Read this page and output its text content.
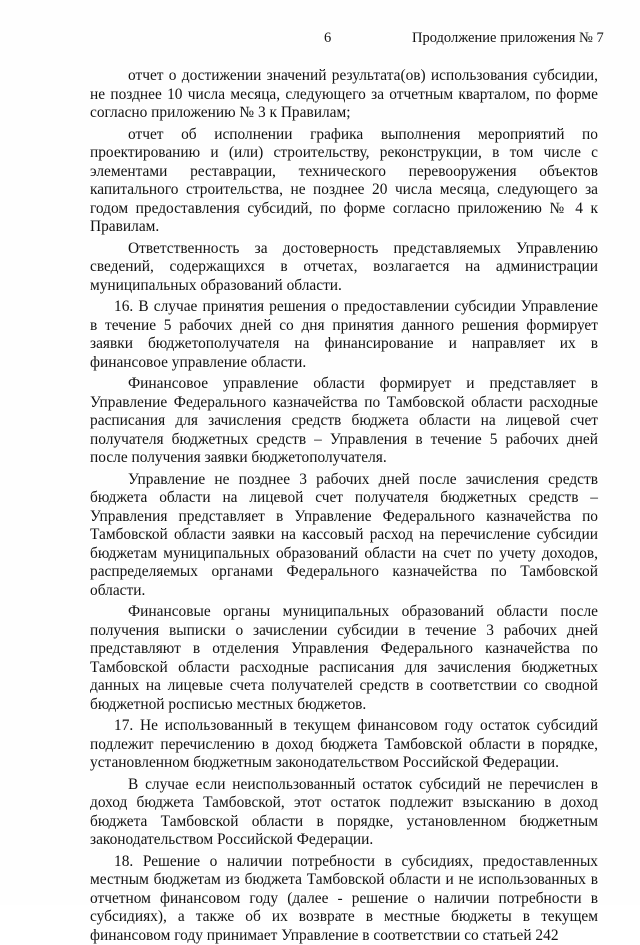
6	Продолжение приложения № 7

отчет о достижении значений результата(ов) использования субсидии, не позднее 10 числа месяца, следующего за отчетным кварталом, по форме согласно приложению № 3 к Правилам;

отчет об исполнении графика выполнения мероприятий по проектированию и (или) строительству, реконструкции, в том числе с элементами реставрации, технического перевооружения объектов капитального строительства, не позднее 20 числа месяца, следующего за годом предоставления субсидий, по форме согласно приложению № 4 к Правилам.

Ответственность за достоверность представляемых Управлению сведений, содержащихся в отчетах, возлагается на администрации муниципальных образований области.

16. В случае принятия решения о предоставлении субсидии Управление в течение 5 рабочих дней со дня принятия данного решения формирует заявки бюджетополучателя на финансирование и направляет их в финансовое управление области.

Финансовое управление области формирует и представляет в Управление Федерального казначейства по Тамбовской области расходные расписания для зачисления средств бюджета области на лицевой счет получателя бюджетных средств – Управления в течение 5 рабочих дней после получения заявки бюджетополучателя.

Управление не позднее 3 рабочих дней после зачисления средств бюджета области на лицевой счет получателя бюджетных средств – Управления представляет в Управление Федерального казначейства по Тамбовской области заявки на кассовый расход на перечисление субсидии бюджетам муниципальных образований области на счет по учету доходов, распределяемых органами Федерального казначейства по Тамбовской области.

Финансовые органы муниципальных образований области после получения выписки о зачислении субсидии в течение 3 рабочих дней представляют в отделения Управления Федерального казначейства по Тамбовской области расходные расписания для зачисления бюджетных данных на лицевые счета получателей средств в соответствии со сводной бюджетной росписью местных бюджетов.

17. Не использованный в текущем финансовом году остаток субсидий подлежит перечислению в доход бюджета Тамбовской области в порядке, установленном бюджетным законодательством Российской Федерации.

В случае если неиспользованный остаток субсидий не перечислен в доход бюджета Тамбовской, этот остаток подлежит взысканию в доход бюджета Тамбовской области в порядке, установленном бюджетным законодательством Российской Федерации.

18. Решение о наличии потребности в субсидиях, предоставленных местным бюджетам из бюджета Тамбовской области и не использованных в отчетном финансовом году (далее - решение о наличии потребности в субсидиях), а также об их возврате в местные бюджеты в текущем финансовом году принимает Управление в соответствии со статьей 242
